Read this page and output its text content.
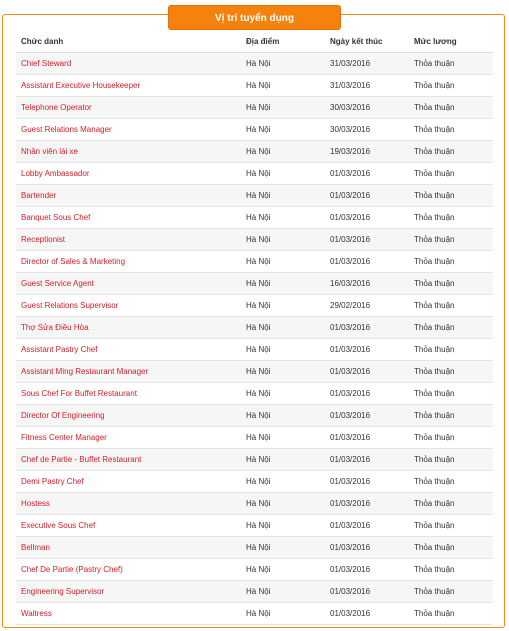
Vị trí tuyển dụng
Chức danh	Địa điểm	Ngày kết thúc	Mức lương
Chief Steward	Hà Nội	31/03/2016	Thỏa thuận
Assistant Executive Housekeeper	Hà Nội	31/03/2016	Thỏa thuận
Telephone Operator	Hà Nội	30/03/2016	Thỏa thuận
Guest Relations Manager	Hà Nội	30/03/2016	Thỏa thuận
Nhân viên lái xe	Hà Nội	19/03/2016	Thỏa thuận
Lobby Ambassador	Hà Nội	01/03/2016	Thỏa thuận
Bartender	Hà Nội	01/03/2016	Thỏa thuận
Banquet Sous Chef	Hà Nội	01/03/2016	Thỏa thuận
Receptionist	Hà Nội	01/03/2016	Thỏa thuận
Director of Sales & Marketing	Hà Nội	01/03/2016	Thỏa thuận
Guest Service Agent	Hà Nội	16/03/2016	Thỏa thuận
Guest Relations Supervisor	Hà Nội	29/02/2016	Thỏa thuận
Thợ Sửa Điều Hòa	Hà Nội	01/03/2016	Thỏa thuận
Assistant Pastry Chef	Hà Nội	01/03/2016	Thỏa thuận
Assistant Ming Restaurant Manager	Hà Nội	01/03/2016	Thỏa thuận
Sous Chef For Buffet Restaurant	Hà Nội	01/03/2016	Thỏa thuận
Director Of Engineering	Hà Nội	01/03/2016	Thỏa thuận
Fitness Center Manager	Hà Nội	01/03/2016	Thỏa thuận
Chef de Partie - Buffet Restaurant	Hà Nội	01/03/2016	Thỏa thuận
Demi Pastry Chef	Hà Nội	01/03/2016	Thỏa thuận
Hostess	Hà Nội	01/03/2016	Thỏa thuận
Executive Sous Chef	Hà Nội	01/03/2016	Thỏa thuận
Bellman	Hà Nội	01/03/2016	Thỏa thuận
Chef De Partie (Pastry Chef)	Hà Nội	01/03/2016	Thỏa thuận
Engineering Supervisor	Hà Nội	01/03/2016	Thỏa thuận
Waitress	Hà Nội	01/03/2016	Thỏa thuận
